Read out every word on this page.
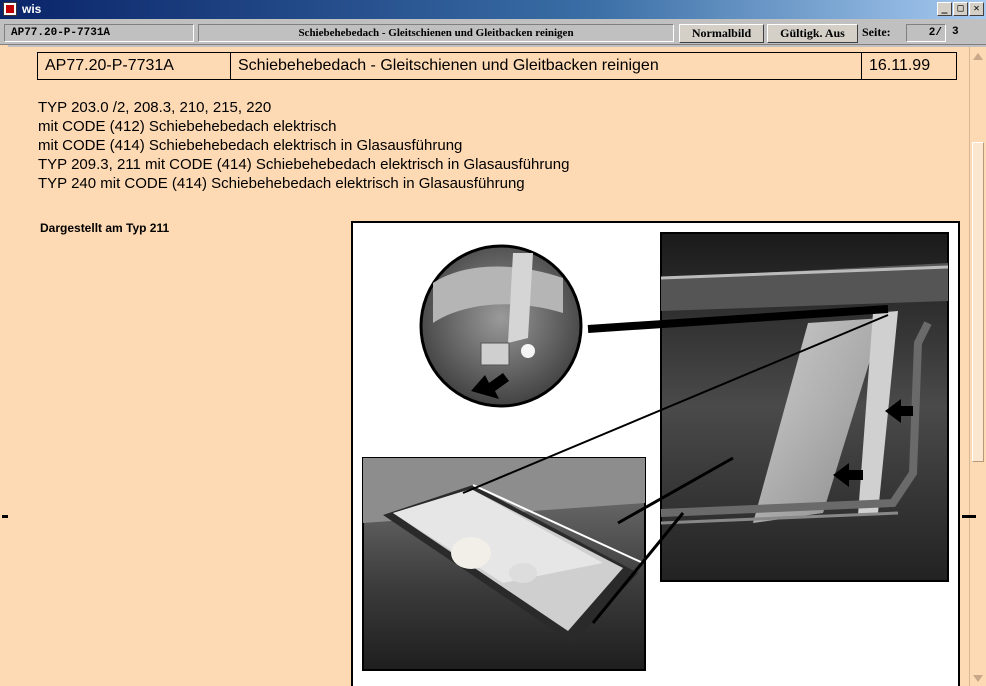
wis	_ □ ✕
AP77.20-P-7731A	Schiebehebedach - Gleitschienen und Gleitbacken reinigen	Normalbild	Gültigk. Aus	Seite:	2/ 3
AP77.20-P-7731A	Schiebehebedach - Gleitschienen und Gleitbacken reinigen	16.11.99
TYP 203.0 /2, 208.3, 210, 215, 220
mit CODE (412) Schiebehebedach elektrisch
mit CODE (414) Schiebehebedach elektrisch in Glasausführung
TYP 209.3, 211 mit CODE (414) Schiebehebedach elektrisch in Glasausführung
TYP 240 mit CODE (414) Schiebehebedach elektrisch in Glasausführung
Dargestellt am Typ 211
